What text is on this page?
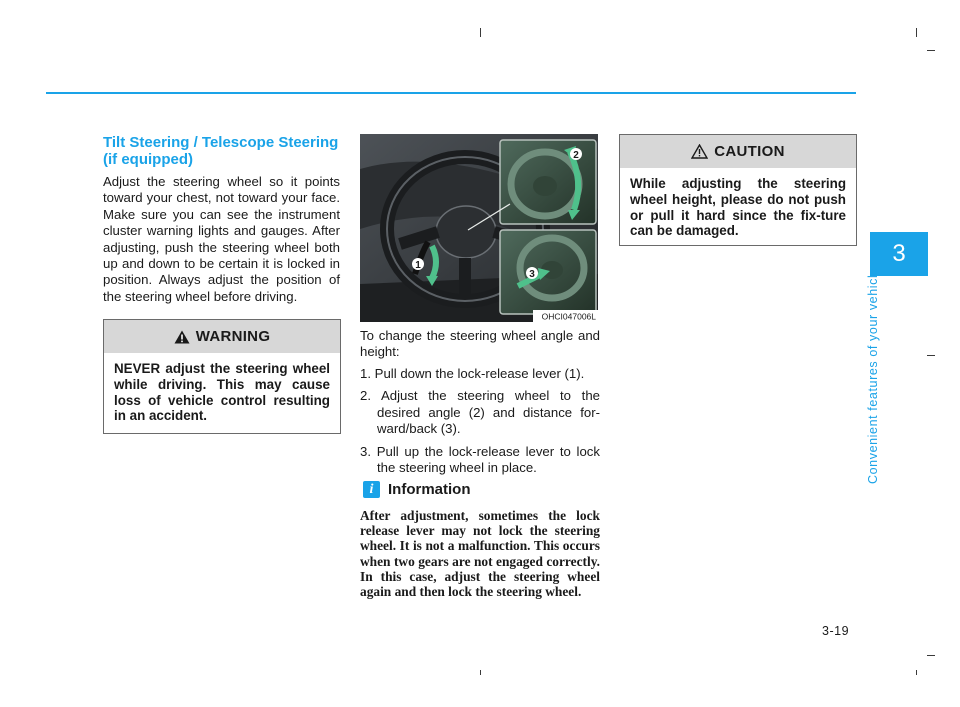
Tilt Steering / Telescope Steering (if equipped)
Adjust the steering wheel so it points toward your chest, not toward your face. Make sure you can see the instrument cluster warning lights and gauges. After adjusting, push the steering wheel both up and down to be certain it is locked in position. Always adjust the position of the steering wheel before driving.
WARNING
NEVER adjust the steering wheel while driving. This may cause loss of vehicle control resulting in an accident.
1
2
3
OHCI047006L
To change the steering wheel angle and height:
1. Pull down the lock-release lever (1).
2. Adjust the steering wheel to the desired angle (2) and distance for-ward/back (3).
3. Pull up the lock-release lever to lock the steering wheel in place.
i Information
After adjustment, sometimes the lock release lever may not lock the steering wheel. It is not a malfunction. This occurs when two gears are not engaged correctly. In this case, adjust the steering wheel again and then lock the steering wheel.
CAUTION
While adjusting the steering wheel height, please do not push or pull it hard since the fix-ture can be damaged.
3
Convenient features of your vehicle
3-19
